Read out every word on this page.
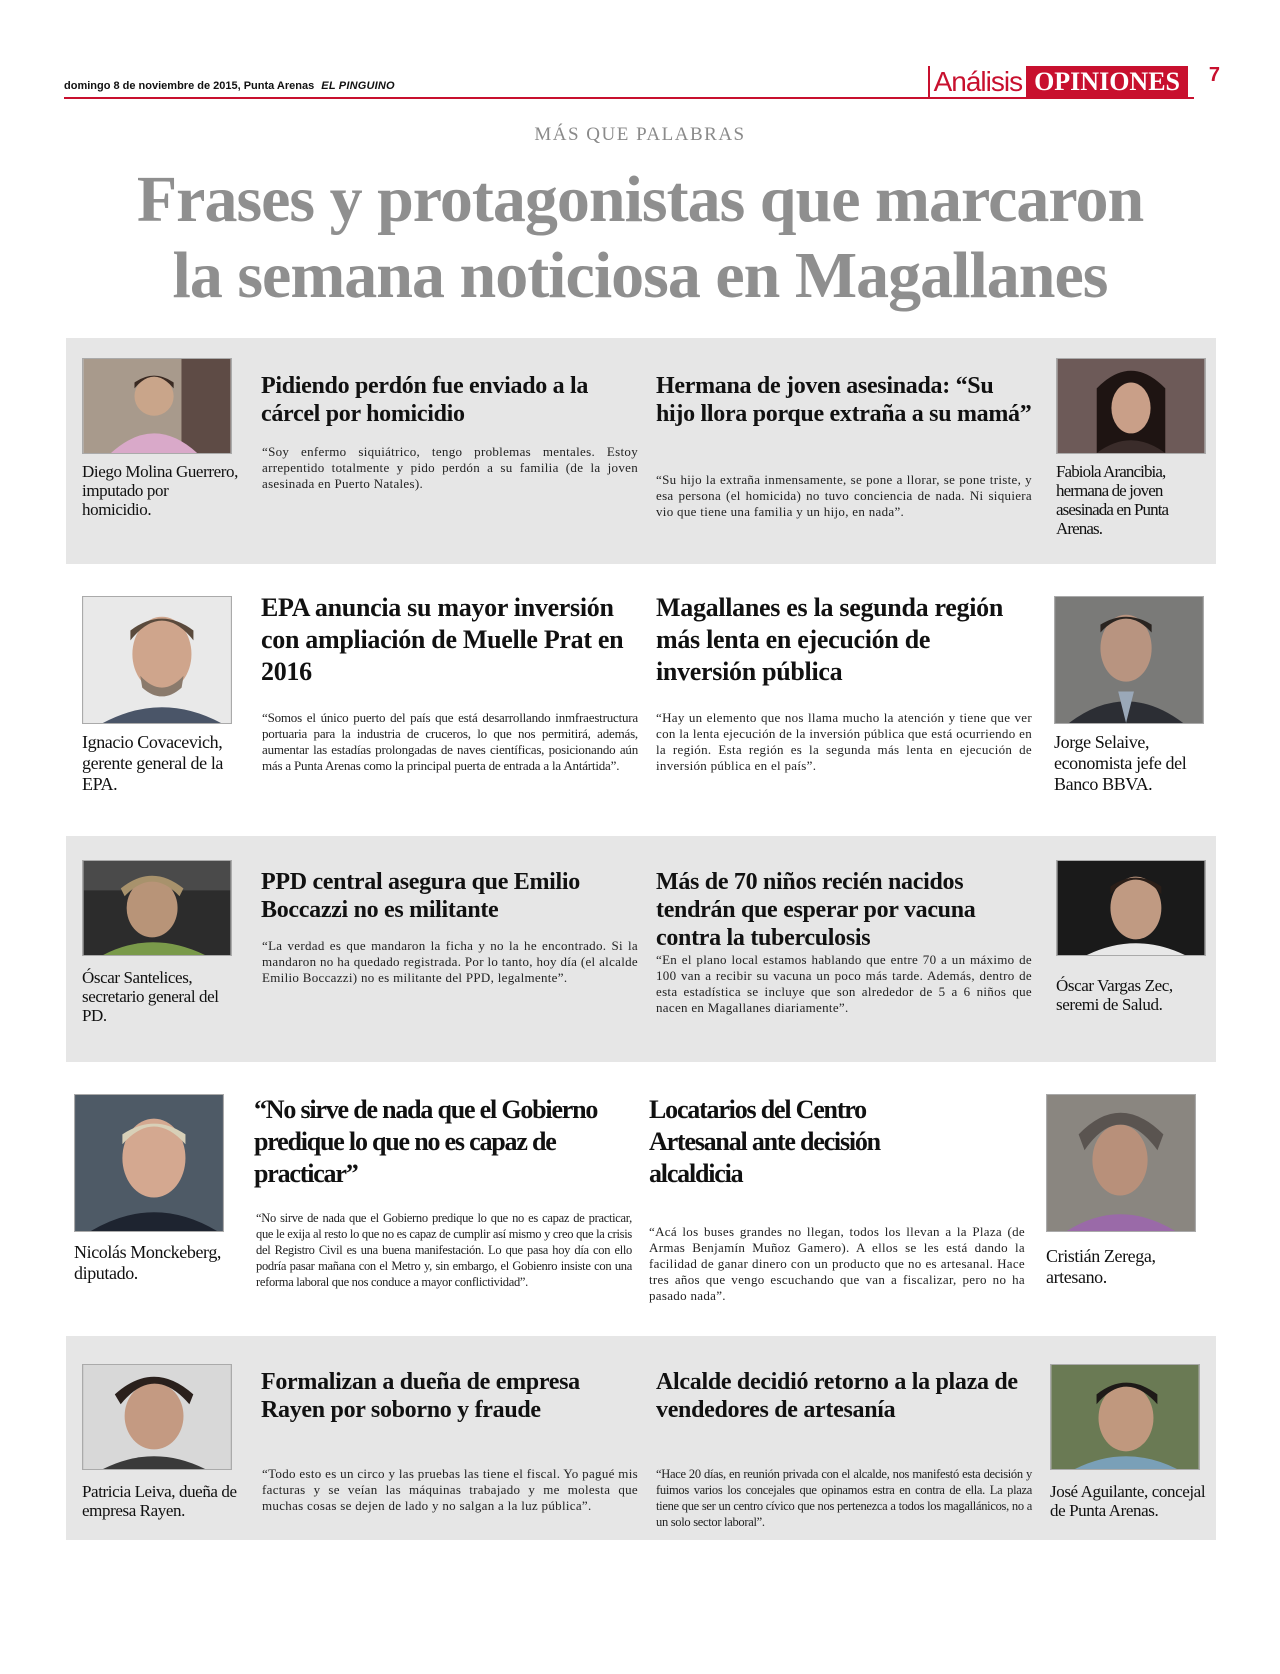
domingo 8 de noviembre de 2015, Punta Arenas EL PINGUINO	Análisis OPINIONES	7
MÁS QUE PALABRAS
Frases y protagonistas que marcaron
la semana noticiosa en Magallanes
Diego Molina Guerrero, imputado por homicidio.
Pidiendo perdón fue enviado a la cárcel por homicidio
“Soy enfermo siquiátrico, tengo problemas mentales. Estoy arrepentido totalmente y pido perdón a su familia (de la joven asesinada en Puerto Natales).
Hermana de joven asesinada: “Su hijo llora porque extraña a su mamá”
“Su hijo la extraña inmensamente, se pone a llorar, se pone triste, y esa persona (el homicida) no tuvo conciencia de nada. Ni siquiera vio que tiene una familia y un hijo, en nada”.
Fabiola Arancibia, hermana de joven asesinada en Punta Arenas.
Ignacio Covacevich, gerente general de la EPA.
EPA anuncia su mayor inversión con ampliación de Muelle Prat en 2016
“Somos el único puerto del país que está desarrollando inmfraestructura portuaria para la industria de cruceros, lo que nos permitirá, además, aumentar las estadías prolongadas de naves científicas, posicionando aún más a Punta Arenas como la principal puerta de entrada a la Antártida”.
Magallanes es la segunda región más lenta en ejecución de inversión pública
“Hay un elemento que nos llama mucho la atención y tiene que ver con la lenta ejecución de la inversión pública que está ocurriendo en la región. Esta región es la segunda más lenta en ejecución de inversión pública en el país”.
Jorge Selaive, economista jefe del Banco BBVA.
Óscar Santelices, secretario general del PD.
PPD central asegura que Emilio Boccazzi no es militante
“La verdad es que mandaron la ficha y no la he encontrado. Si la mandaron no ha quedado registrada. Por lo tanto, hoy día (el alcalde Emilio Boccazzi) no es militante del PPD, legalmente”.
Más de 70 niños recién nacidos tendrán que esperar por vacuna contra la tuberculosis
“En el plano local estamos hablando que entre 70 a un máximo de 100 van a recibir su vacuna un poco más tarde. Además, dentro de esta estadística se incluye que son alrededor de 5 a 6 niños que nacen en Magallanes diariamente”.
Óscar Vargas Zec, seremi de Salud.
Nicolás Monckeberg, diputado.
“No sirve de nada que el Gobierno predique lo que no es capaz de practicar”
“No sirve de nada que el Gobierno predique lo que no es capaz de practicar, que le exija al resto lo que no es capaz de cumplir así mismo y creo que la crisis del Registro Civil es una buena manifestación. Lo que pasa hoy día con ello podría pasar mañana con el Metro y, sin embargo, el Gobienro insiste con una reforma laboral que nos conduce a mayor conflictividad”.
Locatarios del Centro Artesanal ante decisión alcaldicia
“Acá los buses grandes no llegan, todos los llevan a la Plaza (de Armas Benjamín Muñoz Gamero). A ellos se les está dando la facilidad de ganar dinero con un producto que no es artesanal. Hace tres años que vengo escuchando que van a fiscalizar, pero no ha pasado nada”.
Cristián Zerega, artesano.
Patricia Leiva, dueña de empresa Rayen.
Formalizan a dueña de empresa Rayen por soborno y fraude
“Todo esto es un circo y las pruebas las tiene el fiscal. Yo pagué mis facturas y se veían las máquinas trabajado y me molesta que muchas cosas se dejen de lado y no salgan a la luz pública”.
Alcalde decidió retorno a la plaza de vendedores de artesanía
“Hace 20 días, en reunión privada con el alcalde, nos manifestó esta decisión y fuimos varios los concejales que opinamos estra en contra de ella. La plaza tiene que ser un centro cívico que nos pertenezca a todos los magallánicos, no a un solo sector laboral”.
José Aguilante, concejal de Punta Arenas.
